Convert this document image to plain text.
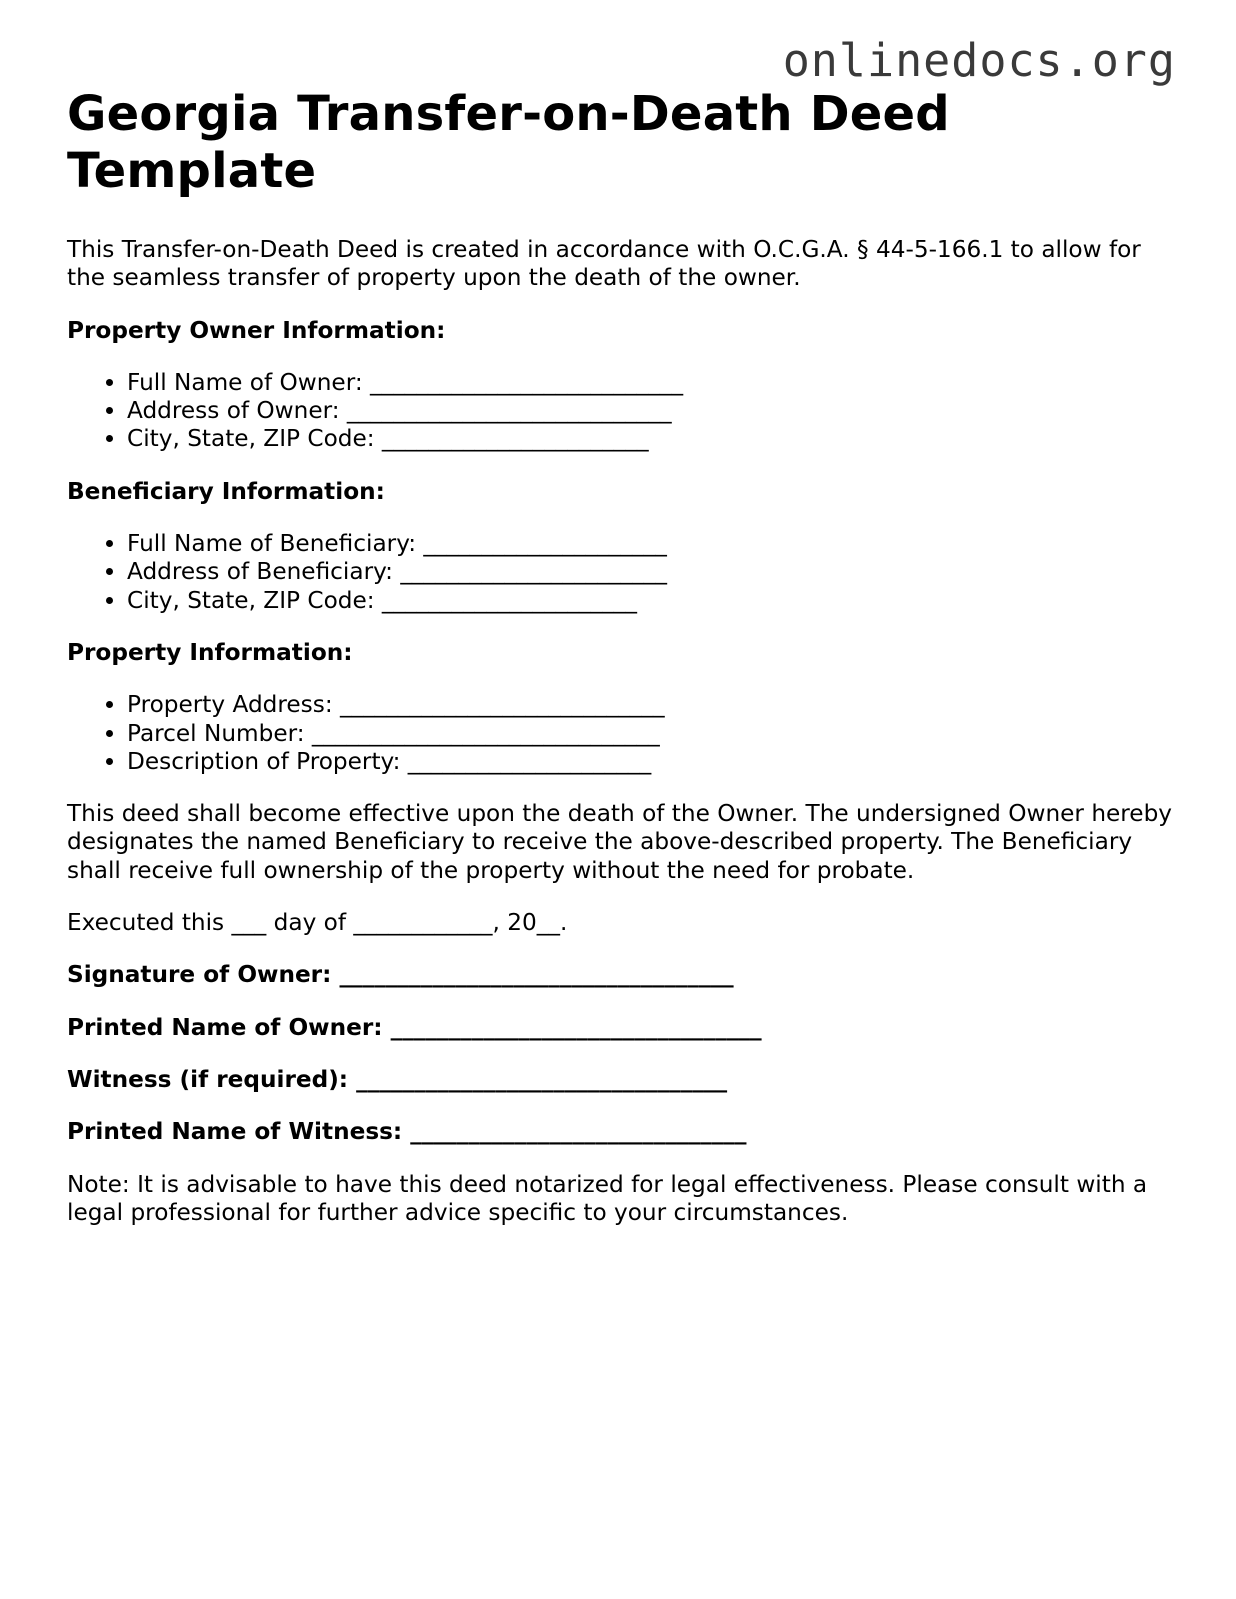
onlinedocs.org
Georgia Transfer-on-Death Deed Template

This Transfer-on-Death Deed is created in accordance with O.C.G.A. § 44-5-166.1 to allow for the seamless transfer of property upon the death of the owner.

Property Owner Information:

• Full Name of Owner: ___________________________
• Address of Owner: ____________________________
• City, State, ZIP Code: _______________________

Beneficiary Information:

• Full Name of Beneficiary: _____________________
• Address of Beneficiary: _______________________
• City, State, ZIP Code: ______________________

Property Information:

• Property Address: ____________________________
• Parcel Number: ______________________________
• Description of Property: _____________________

This deed shall become effective upon the death of the Owner. The undersigned Owner hereby designates the named Beneficiary to receive the above-described property. The Beneficiary shall receive full ownership of the property without the need for probate.

Executed this ___ day of ____________, 20__.

Signature of Owner: __________________________________

Printed Name of Owner: ________________________________

Witness (if required): ________________________________

Printed Name of Witness: _____________________________

Note: It is advisable to have this deed notarized for legal effectiveness. Please consult with a legal professional for further advice specific to your circumstances.
